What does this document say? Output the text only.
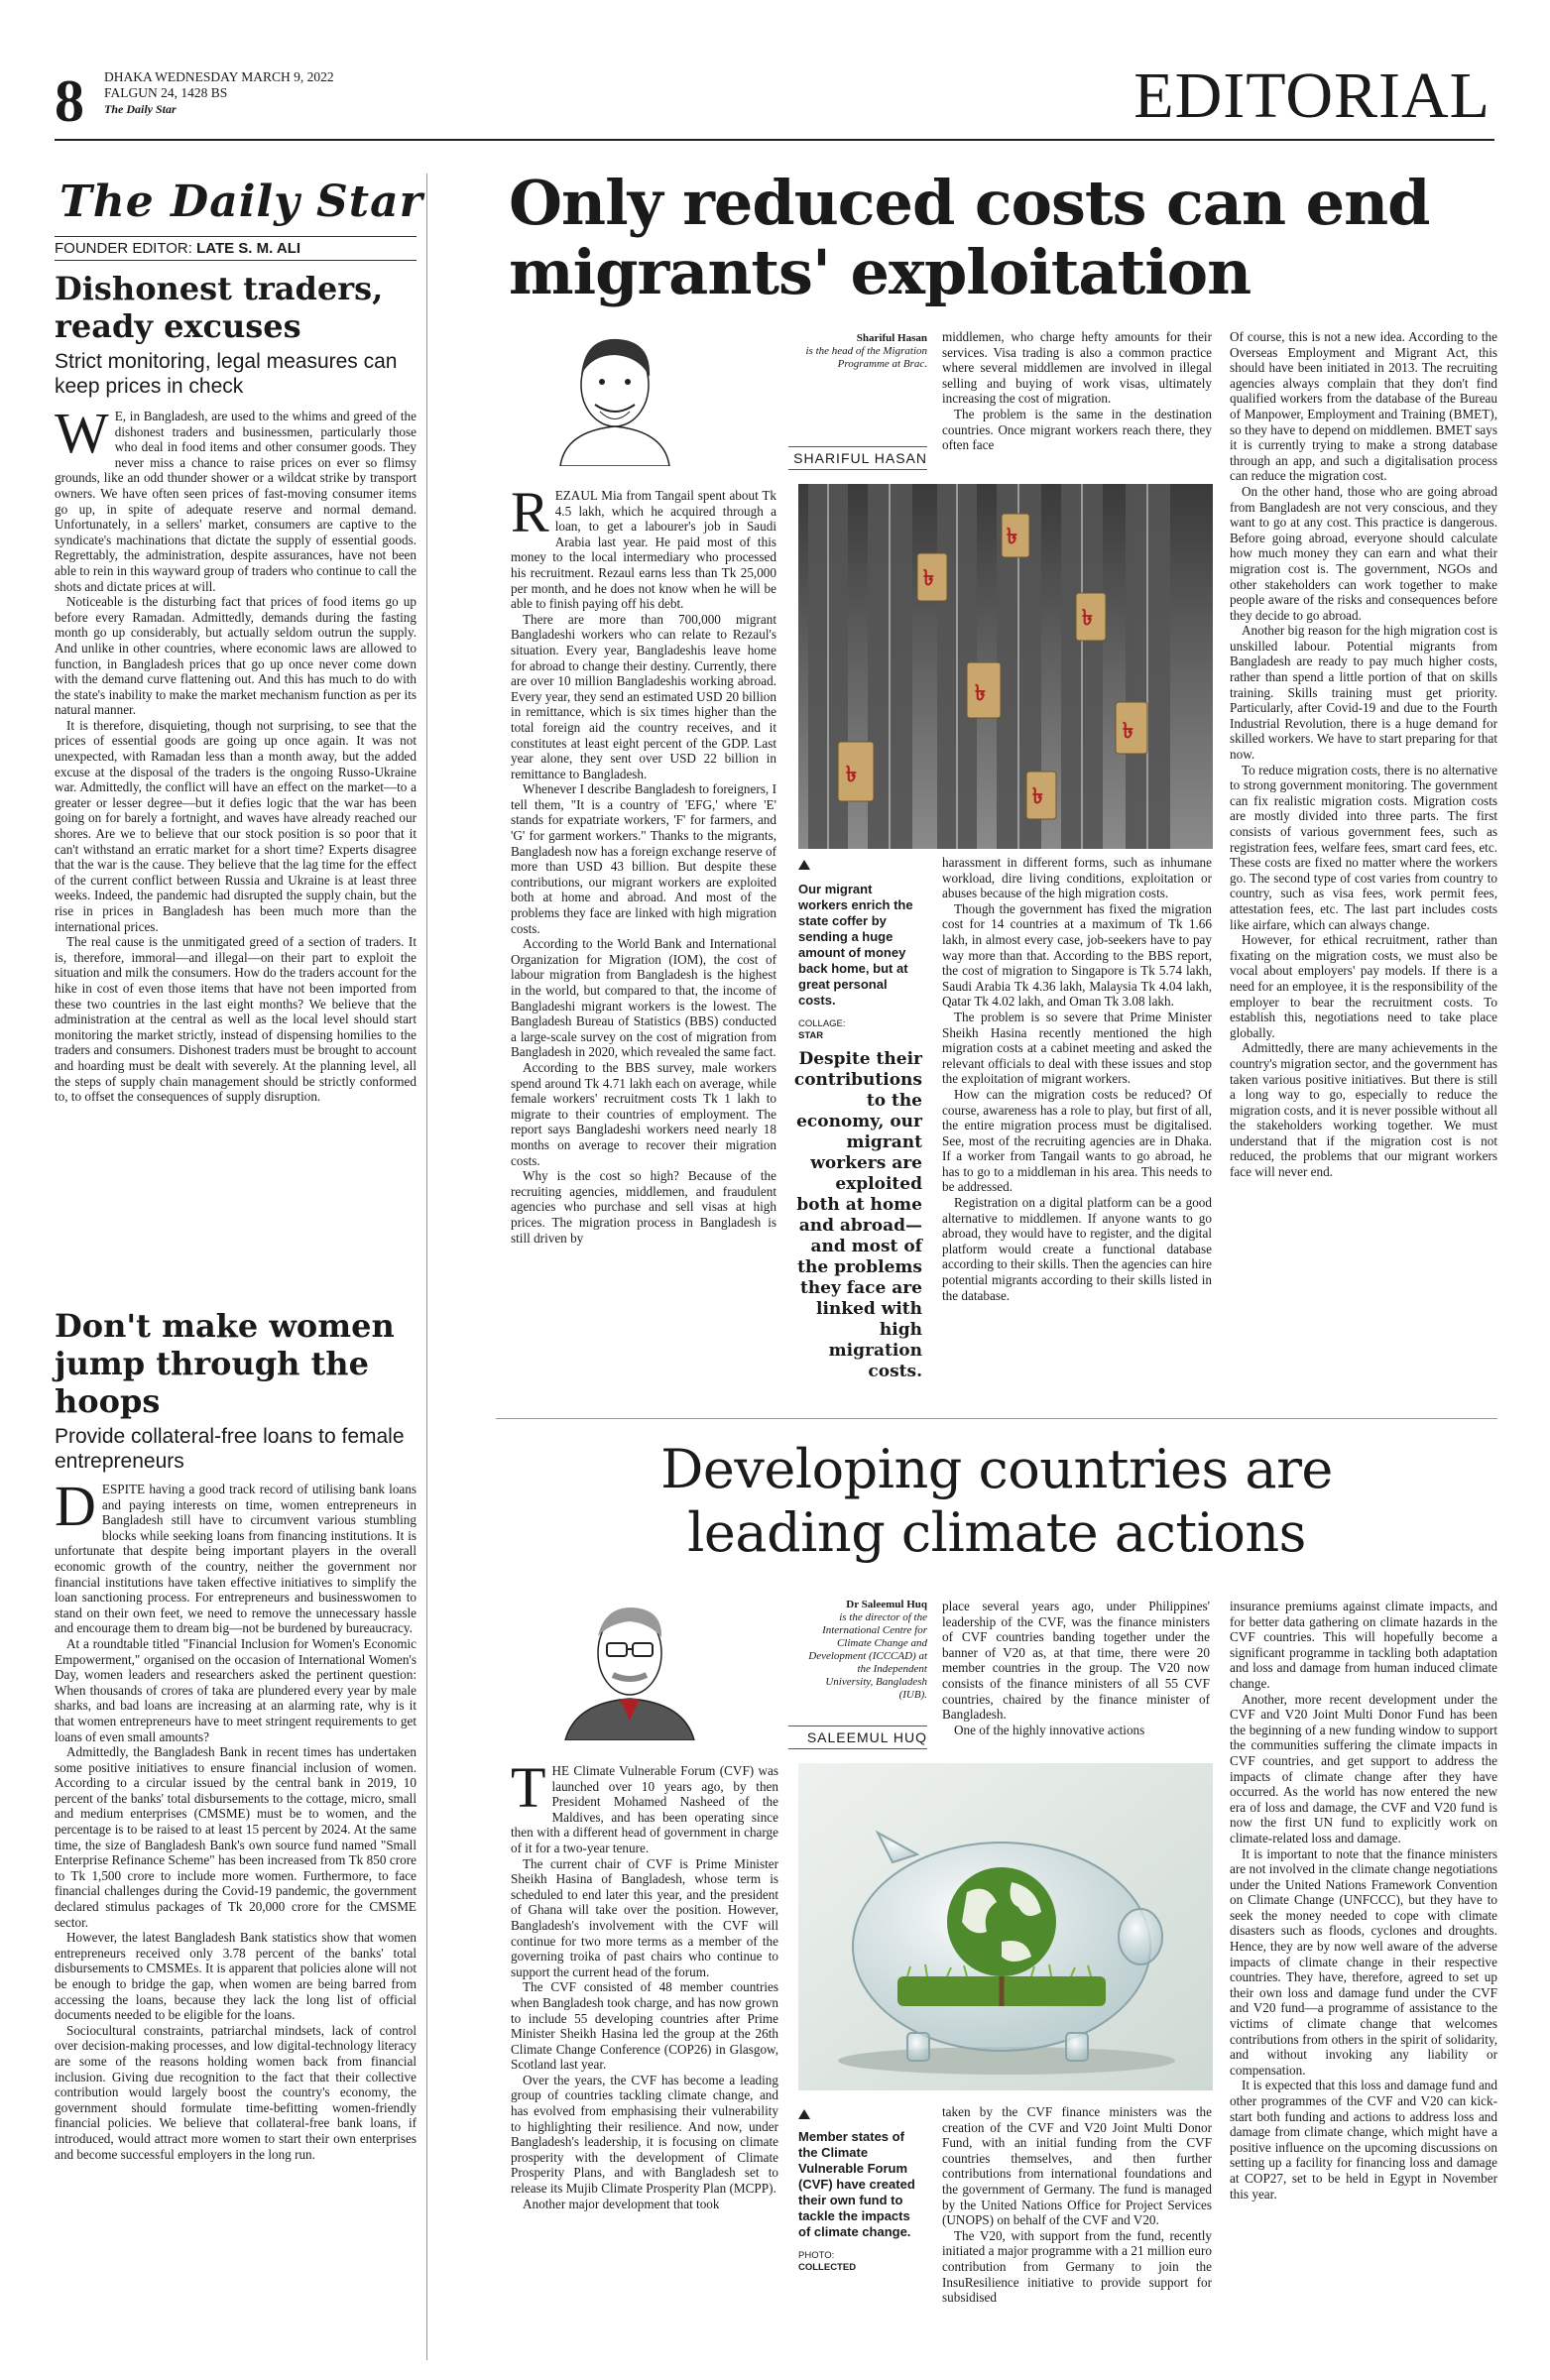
8 DHAKA WEDNESDAY MARCH 9, 2022
FALGUN 24, 1428 BS
The Daily Star	EDITORIAL
The Daily Star
FOUNDER EDITOR: LATE S. M. ALI
Dishonest traders, ready excuses
Strict monitoring, legal measures can keep prices in check
W E, in Bangladesh, are used to the whims and greed of the dishonest traders and businessmen, particularly those who deal in food items and other consumer goods. They never miss a chance to raise prices on ever so flimsy grounds, like an odd thunder shower or a wildcat strike by transport owners. We have often seen prices of fast-moving consumer items go up, in spite of adequate reserve and normal demand. Unfortunately, in a sellers' market, consumers are captive to the syndicate's machinations that dictate the supply of essential goods. Regrettably, the administration, despite assurances, have not been able to rein in this wayward group of traders who continue to call the shots and dictate prices at will.

Noticeable is the disturbing fact that prices of food items go up before every Ramadan. Admittedly, demands during the fasting month go up considerably, but actually seldom outrun the supply. And unlike in other countries, where economic laws are allowed to function, in Bangladesh prices that go up once never come down with the demand curve flattening out. And this has much to do with the state's inability to make the market mechanism function as per its natural manner.

It is therefore, disquieting, though not surprising, to see that the prices of essential goods are going up once again. It was not unexpected, with Ramadan less than a month away, but the added excuse at the disposal of the traders is the ongoing Russo-Ukraine war. Admittedly, the conflict will have an effect on the market—to a greater or lesser degree—but it defies logic that the war has been going on for barely a fortnight, and waves have already reached our shores. Are we to believe that our stock position is so poor that it can't withstand an erratic market for a short time? Experts disagree that the war is the cause. They believe that the lag time for the effect of the current conflict between Russia and Ukraine is at least three weeks. Indeed, the pandemic had disrupted the supply chain, but the rise in prices in Bangladesh has been much more than the international prices.

The real cause is the unmitigated greed of a section of traders. It is, therefore, immoral—and illegal—on their part to exploit the situation and milk the consumers. How do the traders account for the hike in cost of even those items that have not been imported from these two countries in the last eight months? We believe that the administration at the central as well as the local level should start monitoring the market strictly, instead of dispensing homilies to the traders and consumers. Dishonest traders must be brought to account and hoarding must be dealt with severely. At the planning level, all the steps of supply chain management should be strictly conformed to, to offset the consequences of supply disruption.

Don't make women jump through the hoops
Provide collateral-free loans to female entrepreneurs
D ESPITE having a good track record of utilising bank loans and paying interests on time, women entrepreneurs in Bangladesh still have to circumvent various stumbling blocks while seeking loans from financing institutions. It is unfortunate that despite being important players in the overall economic growth of the country, neither the government nor financial institutions have taken effective initiatives to simplify the loan sanctioning process. For entrepreneurs and businesswomen to stand on their own feet, we need to remove the unnecessary hassle and encourage them to dream big—not be burdened by bureaucracy.

At a roundtable titled "Financial Inclusion for Women's Economic Empowerment," organised on the occasion of International Women's Day, women leaders and researchers asked the pertinent question: When thousands of crores of taka are plundered every year by male sharks, and bad loans are increasing at an alarming rate, why is it that women entrepreneurs have to meet stringent requirements to get loans of even small amounts?

Admittedly, the Bangladesh Bank in recent times has undertaken some positive initiatives to ensure financial inclusion of women. According to a circular issued by the central bank in 2019, 10 percent of the banks' total disbursements to the cottage, micro, small and medium enterprises (CMSME) must be to women, and the percentage is to be raised to at least 15 percent by 2024. At the same time, the size of Bangladesh Bank's own source fund named "Small Enterprise Refinance Scheme" has been increased from Tk 850 crore to Tk 1,500 crore to include more women. Furthermore, to face financial challenges during the Covid-19 pandemic, the government declared stimulus packages of Tk 20,000 crore for the CMSME sector.

However, the latest Bangladesh Bank statistics show that women entrepreneurs received only 3.78 percent of the banks' total disbursements to CMSMEs. It is apparent that policies alone will not be enough to bridge the gap, when women are being barred from accessing the loans, because they lack the long list of official documents needed to be eligible for the loans.

Sociocultural constraints, patriarchal mindsets, lack of control over decision-making processes, and low digital-technology literacy are some of the reasons holding women back from financial inclusion. Giving due recognition to the fact that their collective contribution would largely boost the country's economy, the government should formulate time-befitting women-friendly financial policies. We believe that collateral-free bank loans, if introduced, would attract more women to start their own enterprises and become successful employers in the long run.

Only reduced costs can end migrants' exploitation
Shariful Hasan
is the head of the Migration Programme at Brac.
SHARIFUL HASAN
R EZAUL Mia from Tangail spent about Tk 4.5 lakh, which he acquired through a loan, to get a labourer's job in Saudi Arabia last year. He paid most of this money to the local intermediary who processed his recruitment. Rezaul earns less than Tk 25,000 per month, and he does not know when he will be able to finish paying off his debt.

There are more than 700,000 migrant Bangladeshi workers who can relate to Rezaul's situation. Every year, Bangladeshis leave home for abroad to change their destiny. Currently, there are over 10 million Bangladeshis working abroad. Every year, they send an estimated USD 20 billion in remittance, which is six times higher than the total foreign aid the country receives, and it constitutes at least eight percent of the GDP. Last year alone, they sent over USD 22 billion in remittance to Bangladesh.

Whenever I describe Bangladesh to foreigners, I tell them, "It is a country of 'EFG,' where 'E' stands for expatriate workers, 'F' for farmers, and 'G' for garment workers." Thanks to the migrants, Bangladesh now has a foreign exchange reserve of more than USD 43 billion. But despite these contributions, our migrant workers are exploited both at home and abroad. And most of the problems they face are linked with high migration costs.

According to the World Bank and International Organization for Migration (IOM), the cost of labour migration from Bangladesh is the highest in the world, but compared to that, the income of Bangladeshi migrant workers is the lowest. The Bangladesh Bureau of Statistics (BBS) conducted a large-scale survey on the cost of migration from Bangladesh in 2020, which revealed the same fact.

According to the BBS survey, male workers spend around Tk 4.71 lakh each on average, while female workers' recruitment costs Tk 1 lakh to migrate to their countries of employment. The report says Bangladeshi workers need nearly 18 months on average to recover their migration costs.

Why is the cost so high? Because of the recruiting agencies, middlemen, and fraudulent agencies who purchase and sell visas at high prices. The migration process in Bangladesh is still driven by

middlemen, who charge hefty amounts for their services. Visa trading is also a common practice where several middlemen are involved in illegal selling and buying of work visas, ultimately increasing the cost of migration.

The problem is the same in the destination countries. Once migrant workers reach there, they often face

৳
৳
৳
৳
৳
৳
৳
Our migrant workers enrich the state coffer by sending a huge amount of money back home, but at great personal costs.
COLLAGE:
STAR
Despite their contributions to the economy, our migrant workers are exploited both at home and abroad—and most of the problems they face are linked with high migration costs.

harassment in different forms, such as inhumane workload, dire living conditions, exploitation or abuses because of the high migration costs.

Though the government has fixed the migration cost for 14 countries at a maximum of Tk 1.66 lakh, in almost every case, job-seekers have to pay way more than that. According to the BBS report, the cost of migration to Singapore is Tk 5.74 lakh, Saudi Arabia Tk 4.36 lakh, Malaysia Tk 4.04 lakh, Qatar Tk 4.02 lakh, and Oman Tk 3.08 lakh.

The problem is so severe that Prime Minister Sheikh Hasina recently mentioned the high migration costs at a cabinet meeting and asked the relevant officials to deal with these issues and stop the exploitation of migrant workers.

How can the migration costs be reduced? Of course, awareness has a role to play, but first of all, the entire migration process must be digitalised. See, most of the recruiting agencies are in Dhaka. If a worker from Tangail wants to go abroad, he has to go to a middleman in his area. This needs to be addressed.

Registration on a digital platform can be a good alternative to middlemen. If anyone wants to go abroad, they would have to register, and the digital platform would create a functional database according to their skills. Then the agencies can hire potential migrants according to their skills listed in the database.

Of course, this is not a new idea. According to the Overseas Employment and Migrant Act, this should have been initiated in 2013. The recruiting agencies always complain that they don't find qualified workers from the database of the Bureau of Manpower, Employment and Training (BMET), so they have to depend on middlemen. BMET says it is currently trying to make a strong database through an app, and such a digitalisation process can reduce the migration cost.

On the other hand, those who are going abroad from Bangladesh are not very conscious, and they want to go at any cost. This practice is dangerous. Before going abroad, everyone should calculate how much money they can earn and what their migration cost is. The government, NGOs and other stakeholders can work together to make people aware of the risks and consequences before they decide to go abroad.

Another big reason for the high migration cost is unskilled labour. Potential migrants from Bangladesh are ready to pay much higher costs, rather than spend a little portion of that on skills training. Skills training must get priority. Particularly, after Covid-19 and due to the Fourth Industrial Revolution, there is a huge demand for skilled workers. We have to start preparing for that now.

To reduce migration costs, there is no alternative to strong government monitoring. The government can fix realistic migration costs. Migration costs are mostly divided into three parts. The first consists of various government fees, such as registration fees, welfare fees, smart card fees, etc. These costs are fixed no matter where the workers go. The second type of cost varies from country to country, such as visa fees, work permit fees, attestation fees, etc. The last part includes costs like airfare, which can always change.

However, for ethical recruitment, rather than fixating on the migration costs, we must also be vocal about employers' pay models. If there is a need for an employee, it is the responsibility of the employer to bear the recruitment costs. To establish this, negotiations need to take place globally.

Admittedly, there are many achievements in the country's migration sector, and the government has taken various positive initiatives. But there is still a long way to go, especially to reduce the migration costs, and it is never possible without all the stakeholders working together. We must understand that if the migration cost is not reduced, the problems that our migrant workers face will never end.

Developing countries are
leading climate actions
Dr Saleemul Huq
is the director of the International Centre for Climate Change and Development (ICCCAD) at the Independent University, Bangladesh (IUB).
SALEEMUL HUQ
T HE Climate Vulnerable Forum (CVF) was launched over 10 years ago, by then President Mohamed Nasheed of the Maldives, and has been operating since then with a different head of government in charge of it for a two-year tenure.

The current chair of CVF is Prime Minister Sheikh Hasina of Bangladesh, whose term is scheduled to end later this year, and the president of Ghana will take over the position. However, Bangladesh's involvement with the CVF will continue for two more terms as a member of the governing troika of past chairs who continue to support the current head of the forum.

The CVF consisted of 48 member countries when Bangladesh took charge, and has now grown to include 55 developing countries after Prime Minister Sheikh Hasina led the group at the 26th Climate Change Conference (COP26) in Glasgow, Scotland last year.

Over the years, the CVF has become a leading group of countries tackling climate change, and has evolved from emphasising their vulnerability to highlighting their resilience. And now, under Bangladesh's leadership, it is focusing on climate prosperity with the development of Climate Prosperity Plans, and with Bangladesh set to release its Mujib Climate Prosperity Plan (MCPP).

Another major development that took

place several years ago, under Philippines' leadership of the CVF, was the finance ministers of CVF countries banding together under the banner of V20 as, at that time, there were 20 member countries in the group. The V20 now consists of the finance ministers of all 55 CVF countries, chaired by the finance minister of Bangladesh.

One of the highly innovative actions

Member states of the Climate Vulnerable Forum (CVF) have created their own fund to tackle the impacts of climate change.
PHOTO:
COLLECTED

taken by the CVF finance ministers was the creation of the CVF and V20 Joint Multi Donor Fund, with an initial funding from the CVF countries themselves, and then further contributions from international foundations and the government of Germany. The fund is managed by the United Nations Office for Project Services (UNOPS) on behalf of the CVF and V20.

The V20, with support from the fund, recently initiated a major programme with a 21 million euro contribution from Germany to join the InsuResilience initiative to provide support for subsidised

insurance premiums against climate impacts, and for better data gathering on climate hazards in the CVF countries. This will hopefully become a significant programme in tackling both adaptation and loss and damage from human induced climate change.

Another, more recent development under the CVF and V20 Joint Multi Donor Fund has been the beginning of a new funding window to support the communities suffering the climate impacts in CVF countries, and get support to address the impacts of climate change after they have occurred. As the world has now entered the new era of loss and damage, the CVF and V20 fund is now the first UN fund to explicitly work on climate-related loss and damage.

It is important to note that the finance ministers are not involved in the climate change negotiations under the United Nations Framework Convention on Climate Change (UNFCCC), but they have to seek the money needed to cope with climate disasters such as floods, cyclones and droughts. Hence, they are by now well aware of the adverse impacts of climate change in their respective countries. They have, therefore, agreed to set up their own loss and damage fund under the CVF and V20 fund—a programme of assistance to the victims of climate change that welcomes contributions from others in the spirit of solidarity, and without invoking any liability or compensation.

It is expected that this loss and damage fund and other programmes of the CVF and V20 can kick-start both funding and actions to address loss and damage from climate change, which might have a positive influence on the upcoming discussions on setting up a facility for financing loss and damage at COP27, set to be held in Egypt in November this year.
